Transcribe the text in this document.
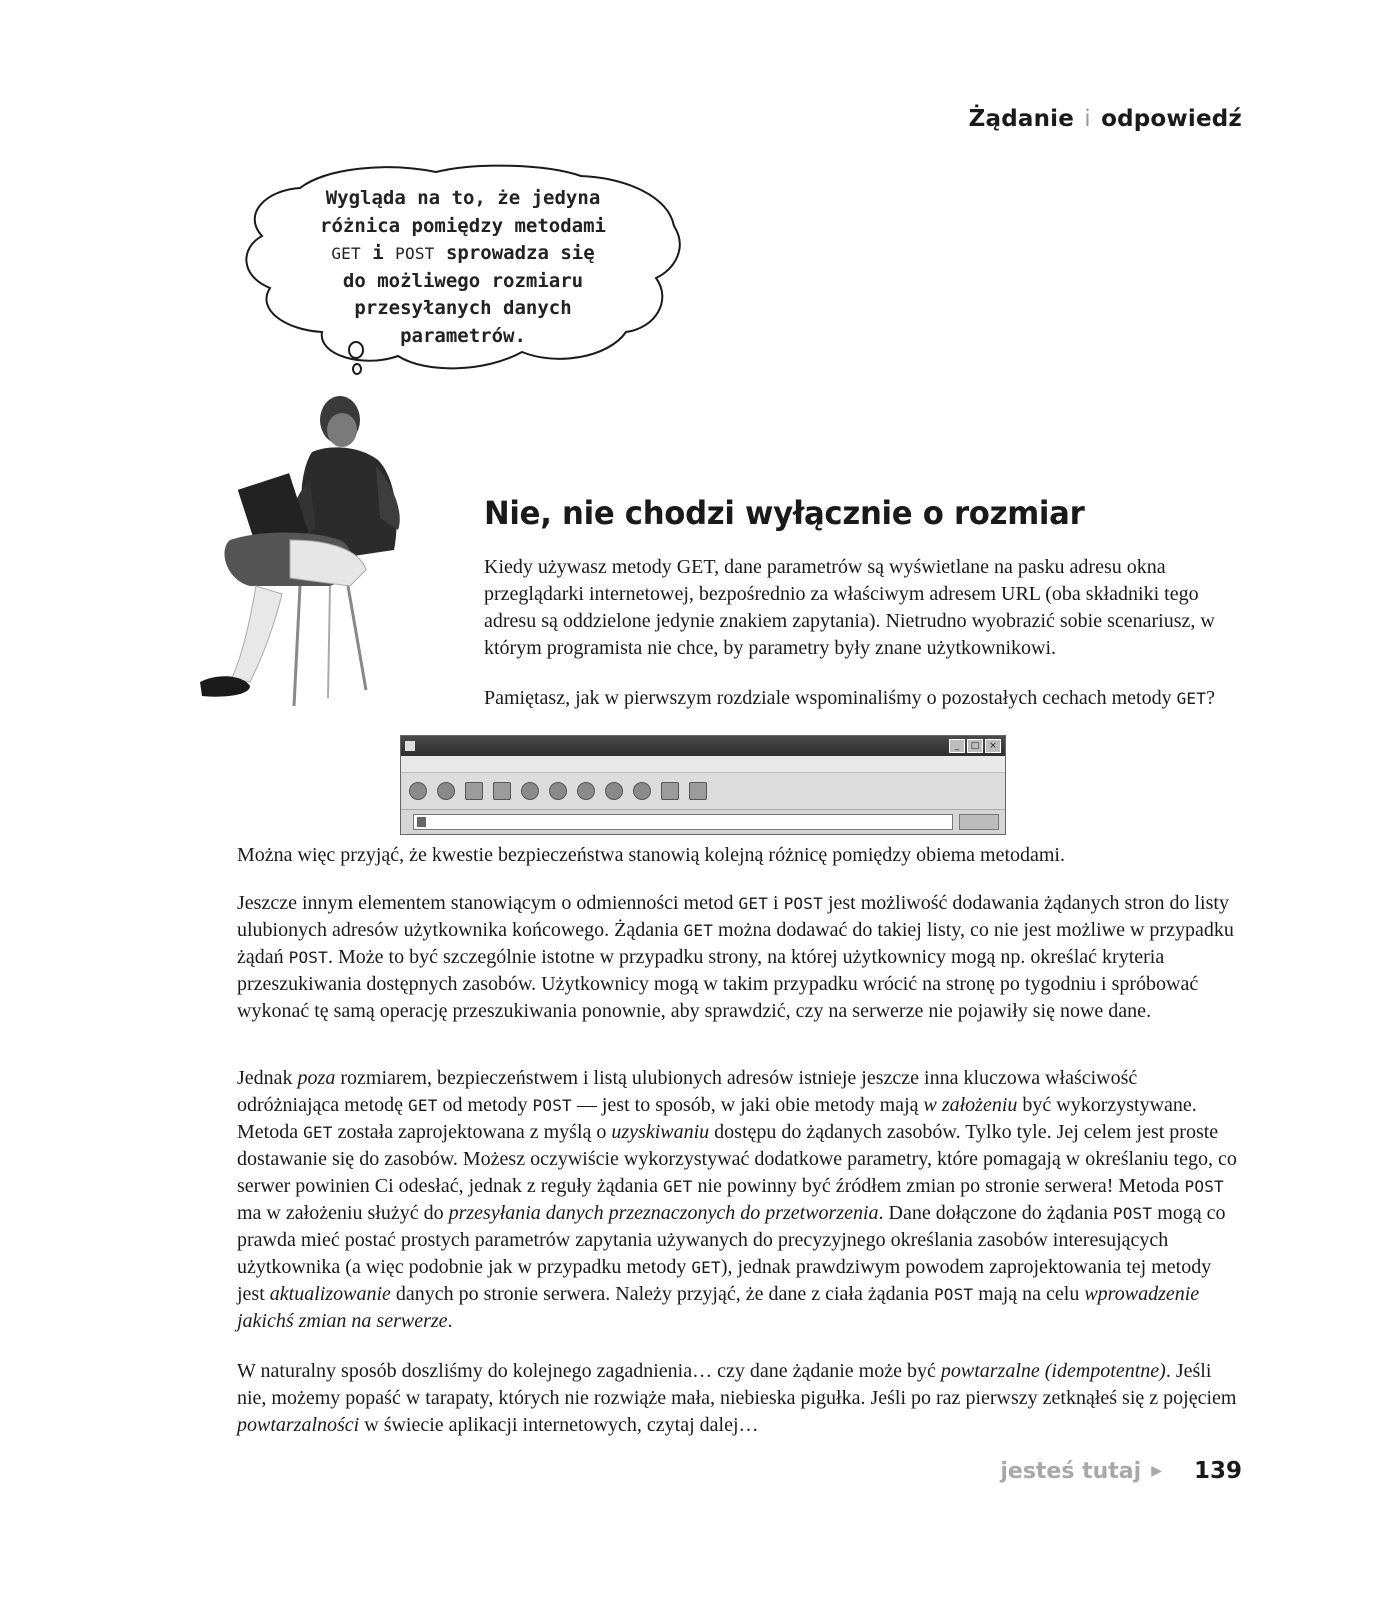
Żądanie i odpowiedź
Wygląda na to, że jedyna
różnica pomiędzy metodami
GET i POST sprowadza się
do możliwego rozmiaru
przesyłanych danych
parametrów.
Nie, nie chodzi wyłącznie o rozmiar

Kiedy używasz metody GET, dane parametrów są wyświetlane na pasku adresu okna przeglądarki internetowej, bezpośrednio za właściwym adresem URL (oba składniki tego adresu są oddzielone jedynie znakiem zapytania). Nietrudno wyobrazić sobie scenariusz, w którym programista nie chce, by parametry były znane użytkownikowi.

Pamiętasz, jak w pierwszym rozdziale wspominaliśmy o pozostałych cechach metody GET?

_	□	×

Można więc przyjąć, że kwestie bezpieczeństwa stanowią kolejną różnicę pomiędzy obiema metodami.

Jeszcze innym elementem stanowiącym o odmienności metod GET i POST jest możliwość dodawania żądanych stron do listy ulubionych adresów użytkownika końcowego. Żądania GET można dodawać do takiej listy, co nie jest możliwe w przypadku żądań POST. Może to być szczególnie istotne w przypadku strony, na której użytkownicy mogą np. określać kryteria przeszukiwania dostępnych zasobów. Użytkownicy mogą w takim przypadku wrócić na stronę po tygodniu i spróbować wykonać tę samą operację przeszukiwania ponownie, aby sprawdzić, czy na serwerze nie pojawiły się nowe dane.

Jednak poza rozmiarem, bezpieczeństwem i listą ulubionych adresów istnieje jeszcze inna kluczowa właściwość odróżniająca metodę GET od metody POST — jest to sposób, w jaki obie metody mają w założeniu być wykorzystywane. Metoda GET została zaprojektowana z myślą o uzyskiwaniu dostępu do żądanych zasobów. Tylko tyle. Jej celem jest proste dostawanie się do zasobów. Możesz oczywiście wykorzystywać dodatkowe parametry, które pomagają w określaniu tego, co serwer powinien Ci odesłać, jednak z reguły żądania GET nie powinny być źródłem zmian po stronie serwera! Metoda POST ma w założeniu służyć do przesyłania danych przeznaczonych do przetworzenia. Dane dołączone do żądania POST mogą co prawda mieć postać prostych parametrów zapytania używanych do precyzyjnego określania zasobów interesujących użytkownika (a więc podobnie jak w przypadku metody GET), jednak prawdziwym powodem zaprojektowania tej metody jest aktualizowanie danych po stronie serwera. Należy przyjąć, że dane z ciała żądania POST mają na celu wprowadzenie jakichś zmian na serwerze.

W naturalny sposób doszliśmy do kolejnego zagadnienia… czy dane żądanie może być powtarzalne (idempotentne). Jeśli nie, możemy popaść w tarapaty, których nie rozwiąże mała, niebieska pigułka. Jeśli po raz pierwszy zetknąłeś się z pojęciem powtarzalności w świecie aplikacji internetowych, czytaj dalej…

jesteś tutaj ▶ 139
